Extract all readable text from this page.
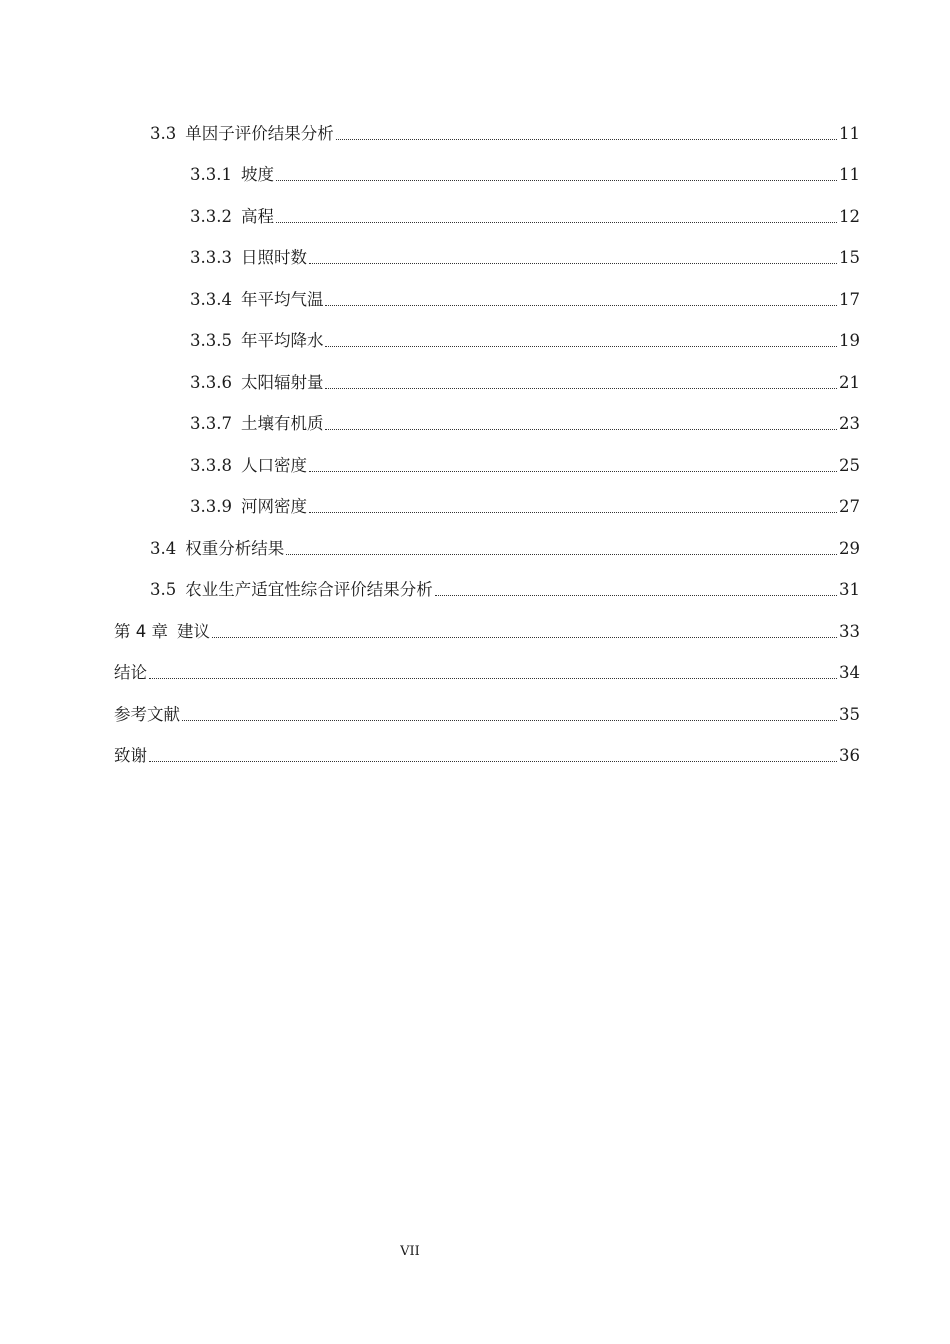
3.3 单因子评价结果分析	11
3.3.1 坡度	11
3.3.2 高程	12
3.3.3 日照时数	15
3.3.4 年平均气温	17
3.3.5 年平均降水	19
3.3.6 太阳辐射量	21
3.3.7 土壤有机质	23
3.3.8 人口密度	25
3.3.9 河网密度	27
3.4 权重分析结果	29
3.5 农业生产适宜性综合评价结果分析	31
第 4 章 建议	33
结论	34
参考文献	35
致谢	36
VII
